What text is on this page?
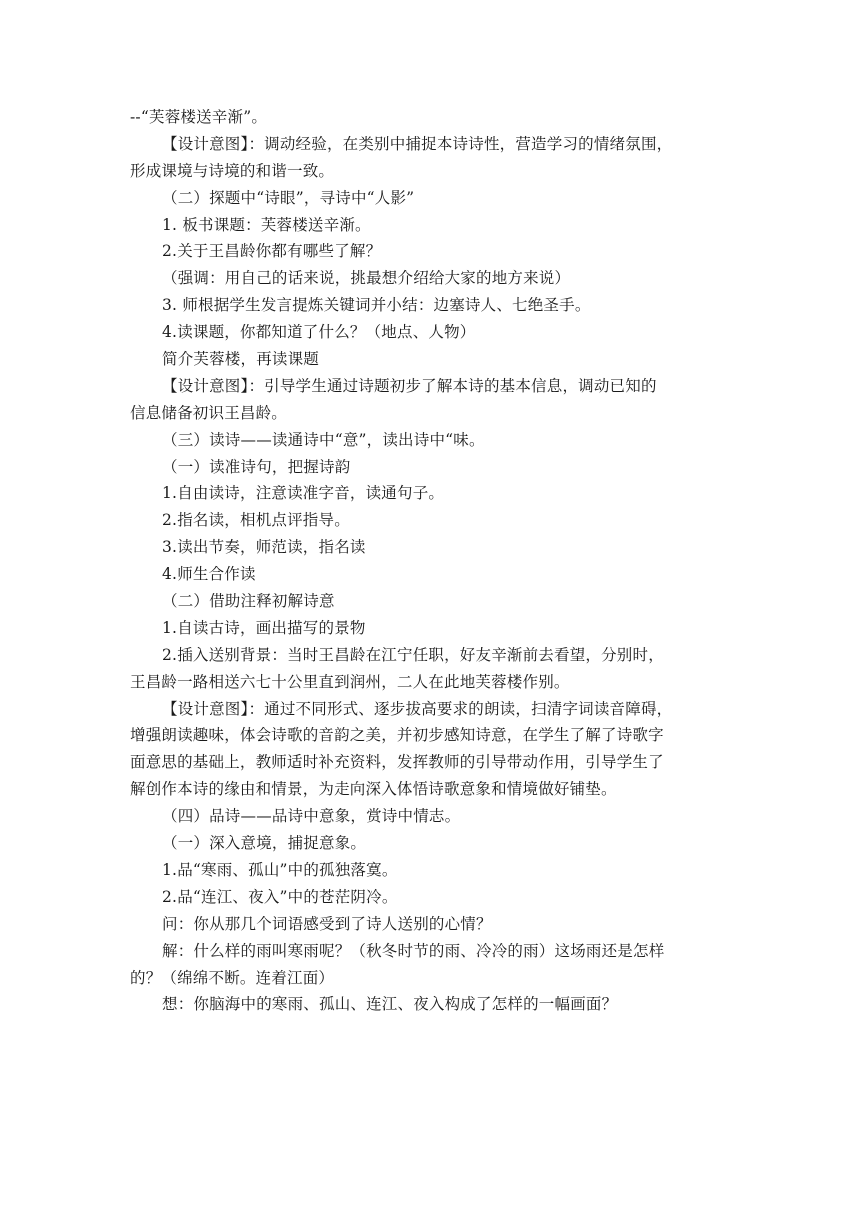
--“芙蓉楼送辛渐”。
【设计意图】：调动经验，在类别中捕捉本诗诗性，营造学习的情绪氛围，
形成课境与诗境的和谐一致。
（二）探题中“诗眼”，寻诗中“人影”
1. 板书课题：芙蓉楼送辛渐。
2.关于王昌龄你都有哪些了解？
（强调：用自己的话来说，挑最想介绍给大家的地方来说）
3. 师根据学生发言提炼关键词并小结：边塞诗人、七绝圣手。
4.读课题，你都知道了什么？（地点、人物）
简介芙蓉楼，再读课题
【设计意图】：引导学生通过诗题初步了解本诗的基本信息，调动已知的
信息储备初识王昌龄。
（三）读诗——读通诗中“意”，读出诗中“味。
（一）读准诗句，把握诗韵
1.自由读诗，注意读准字音，读通句子。
2.指名读，相机点评指导。
3.读出节奏，师范读，指名读
4.师生合作读
（二）借助注释初解诗意
1.自读古诗，画出描写的景物
2.插入送别背景：当时王昌龄在江宁任职，好友辛渐前去看望，分别时，
王昌龄一路相送六七十公里直到润州，二人在此地芙蓉楼作别。
【设计意图】：通过不同形式、逐步拔高要求的朗读，扫清字词读音障碍，
增强朗读趣味，体会诗歌的音韵之美，并初步感知诗意，在学生了解了诗歌字
面意思的基础上，教师适时补充资料，发挥教师的引导带动作用，引导学生了
解创作本诗的缘由和情景，为走向深入体悟诗歌意象和情境做好铺垫。
（四）品诗——品诗中意象，赏诗中情志。
（一）深入意境，捕捉意象。
1.品“寒雨、孤山”中的孤独落寞。
2.品“连江、夜入”中的苍茫阴冷。
问：你从那几个词语感受到了诗人送别的心情？
解：什么样的雨叫寒雨呢？（秋冬时节的雨、冷冷的雨）这场雨还是怎样
的？（绵绵不断。连着江面）
想：你脑海中的寒雨、孤山、连江、夜入构成了怎样的一幅画面？
